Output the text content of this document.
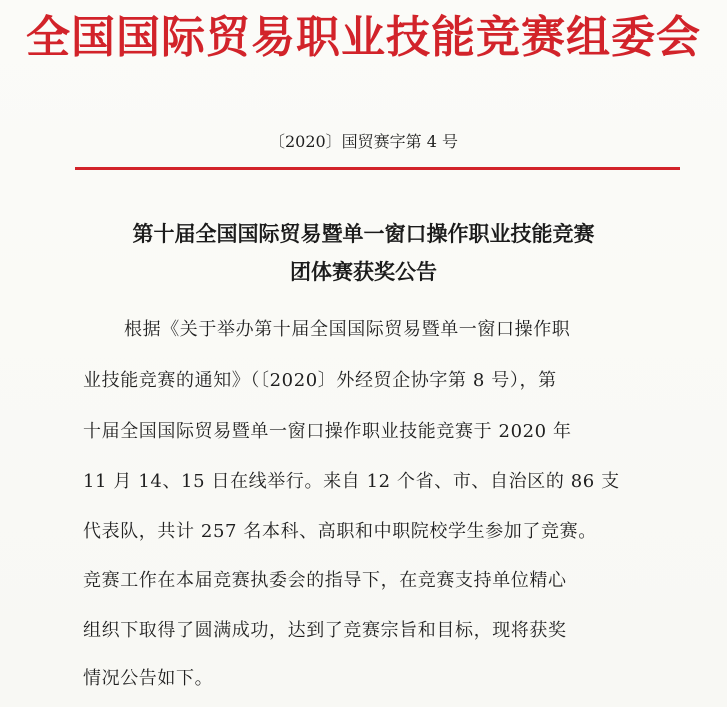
全国国际贸易职业技能竞赛组委会
〔2020〕国贸赛字第 4 号
第十届全国国际贸易暨单一窗口操作职业技能竞赛
团体赛获奖公告
根据《关于举办第十届全国国际贸易暨单一窗口操作职
业技能竞赛的通知》（〔2020〕外经贸企协字第 8 号），第
十届全国国际贸易暨单一窗口操作职业技能竞赛于 2020 年
11 月 14、15 日在线举行。来自 12 个省、市、自治区的 86 支
代表队，共计 257 名本科、高职和中职院校学生参加了竞赛。
竞赛工作在本届竞赛执委会的指导下，在竞赛支持单位精心
组织下取得了圆满成功，达到了竞赛宗旨和目标，现将获奖
情况公告如下。
